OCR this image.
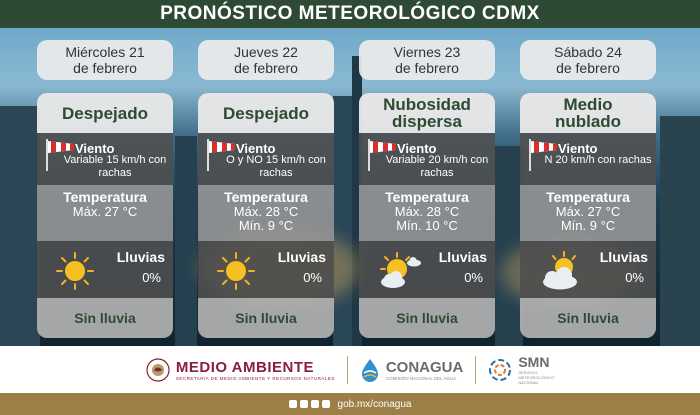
PRONÓSTICO METEOROLÓGICO CDMX
Miércoles 21
de febrero
Despejado
Viento
Variable 15 km/h con rachas
Temperatura
Máx. 27 °C
Lluvias
0%
Sin lluvia
Jueves 22
de febrero
Despejado
Viento
O y NO 15 km/h con rachas
Temperatura
Máx. 28 °C
Mín. 9 °C
Lluvias
0%
Sin lluvia
Viernes 23
de febrero
Nubosidad
dispersa
Viento
Variable 20 km/h con rachas
Temperatura
Máx. 28 °C
Mín. 10 °C
Lluvias
0%
Sin lluvia
Sábado 24
de febrero
Medio
nublado
Viento
N 20 km/h con rachas
Temperatura
Máx. 27 °C
Mín. 9 °C
Lluvias
0%
Sin lluvia
MEDIO AMBIENTE
SECRETARÍA DE MEDIO AMBIENTE Y RECURSOS NATURALES
CONAGUA
COMISIÓN NACIONAL DEL AGUA
SMN
SERVICIO
METEOROLÓGICO
NACIONAL
gob.mx/conagua
